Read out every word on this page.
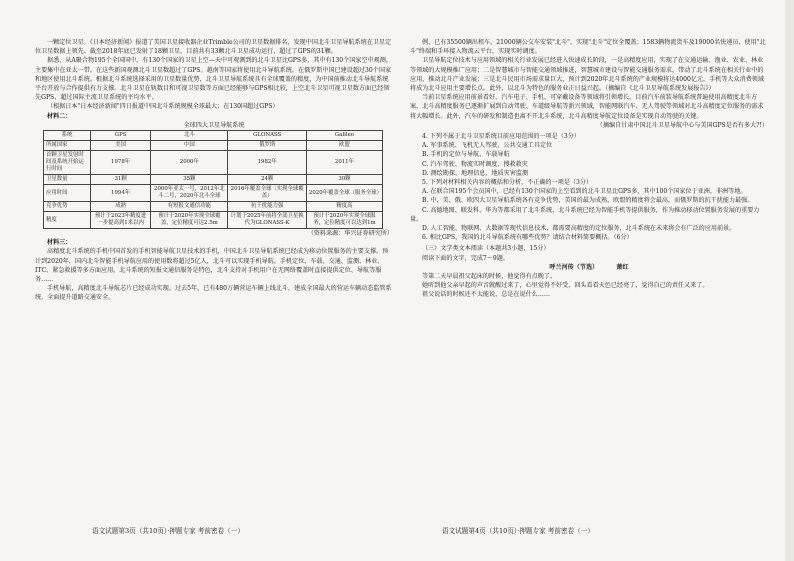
一颗定位卫星。《日本经济新闻》报道了美国卫星接收器企业Trimble公司的卫星数据排名，发现中国北斗卫星导航系统在卫星定位卫星数据上领先。截至2018年底已发射了18颗卫星，目前共有33颗北斗卫星成功运行，超过了GPS的31颗。

据悉，从A聚合物195个全国国中，有130个国家的卫星上空—天中可观测到的北斗卫星比GPS多，其中有130个国家空中观测，主要集中在亚太一带。在这些新国观测北斗卫星数超过了GPS。越南等国家将使用北斗导航系统。在俄罗斯中国已建设超过30个国家和地区使用北斗系统。根据北斗系统选择采用的卫星数量优势，北斗卫星导航系统具有全球覆盖的精度，为中国前推动北斗导航系统平台开放与合作提供有力支撑。北斗卫星在轨数目和可视卫星数等方面已经能够与GPS相比较，上空北斗卫星可视卫星数方面已经领先GPS，超过国际主流卫星系统的平均水平。

（根据日本"日本经济新闻"四日报道中国北斗系统规模全球最大；在130国超过GPS）

材料二：

全球四大卫星导航系统

系统	GPS	北斗	GLONASS	Galileo
所属国家	美国	中国	俄罗斯	欧盟
首颗卫星发射时间及系统开始运行时间	1978年	2000年	1982年	2011年
卫星数量	31颗	35颗	24颗	30颗
应用时间	1994年	2000年亚太一号，2012年北斗二号，2020年北斗全球	2016年覆盖全球（实现全球覆盖）	2020年覆盖全球（服务全球）
竞争优势	成熟	有短报文通信功能	抗干扰能力强	精度高
精度	预计于2023年精度进一步提高到1米以内	预计于2020年实现全球覆盖，定位精度可达2.5m	计划于2025年前将全部卫星换代为GLONASS-K	预计于2020年实现全球服务，定位精度可以达到1m

（资料来源：华兴证券研究所）

材料三：

高精度北斗系统的手机中国首发的手机智能导航卫星技术的手机，中国北斗卫星导航系统已经成为移动位置服务的主要支撑。预计到2020年，国内北斗智能手机导航应用的使用数将超过5亿人，北斗可以实现手机导航、手机定位、车载、交通、监测、林业、ITC、紧急救援等多方面应用。北斗系统的短报文通信服务是特色，北斗支持对手机用户在无网络覆盖时直接提供定位、导航等服务……

手机导航，高精度北斗导航芯片已经成功实现。过去5年，已有480万辆营运车辆上线北斗，建成全国最大的营运车辆动态监管系统，全面提升道路交通安全。

例，已有35500辆出租车，21000辆公交车安装"北斗"，实现"北斗"定位全覆盖；1583辆物流货车及19000名快递员，使用"北斗"终端和手环接入物流云平台，实现实时调度。

卫星导航定位技术与应用领域的相关行业发展已经进入快速成长阶段，一是高精度应用，实现了在交通运输、渔业、农业、林业等领域的大规模推广应用；二是智慧城市与智能交通领域推进，智慧城市建设与智能交通服务需求，带动了北斗系统在相关行业中的应用，推动北斗产业发展；三是北斗民用市场需求量巨大，预计到2020年北斗系统的产业规模将达4000亿元，手机等大众消费领域将成为北斗应用主要增长点。此外，以北斗为特色的服务业正日益兴起。（摘编自《北斗卫星导航系统发展报告》）

当前卫星系统应用前景看好，汽车电子、手机、可穿戴设备等领域将引领增长。目前汽车前装导航系统普遍使用高精度北斗方案，北斗高精度服务已逐渐扩展到自动驾驶、车道级导航等新兴领域，智能网联汽车、无人驾驶等领域对北斗高精度定位服务的需求将大幅增长。此外，汽车的研发和制造也离不开北斗系统，北斗高精度导航定位设备是实现自动驾驶的关键。

（摘编自甘肃中国北斗卫星导航中心与美国GPS是否有多大?!）

4. 下列不属于北斗卫星系统目前应用范围的一项是（3分）

A. 军事系统、飞机无人驾驶、公共交通工具定位

B. 手机的定位与导航、车载导航

C. 汽车驾驶、物流实时调度、搜救救灾

D. 测绘勘探、地理信息、地质灾害监测

5. 下列对材料相关内容的概括和分析，不正确的一项是（3分）

A. 在联合国195个会员国中，已经有130个国家的上空看到的北斗卫星比GPS多，其中100个国家位于亚洲、非洲等地。

B. 中、美、俄、欧四大卫星导航系统各有竞争优势，美国的最为成熟，欧盟的精度将会最高，而俄罗斯的抗干扰能力最强。

C. 高德地图、联发科、华为等都采用了北斗系统，北斗系统已经为智能手机等提供服务，作为推动移动位置服务发展的重要力量。

D. 人工智能、物联网、大数据等现代信息技术，都需要高精度的定位服务，北斗系统在未来将会有广泛的应用前景。

6. 相比GPS，我国的北斗导航系统有哪些优势？请结合材料简要概括。（6分）

（三）文学类文本阅读（本题共3小题，15分）

阅读下面的文字，完成7～9题。

呼兰河传（节选）	萧红

等第二天早晨祖父起床的时候，他觉得有点晚了。

她听到他父亲早起的声音就醒过来了，心里觉得不好受，回头看看天色已经亮了，觉得自己的责任又来了。

祖父说话的时候还不太能说，总是在说什么……

语文试题第3页（共10页）·押题专家 考前密卷（一）	语文试题第4页（共10页）·押题专家 考前密卷（一）
